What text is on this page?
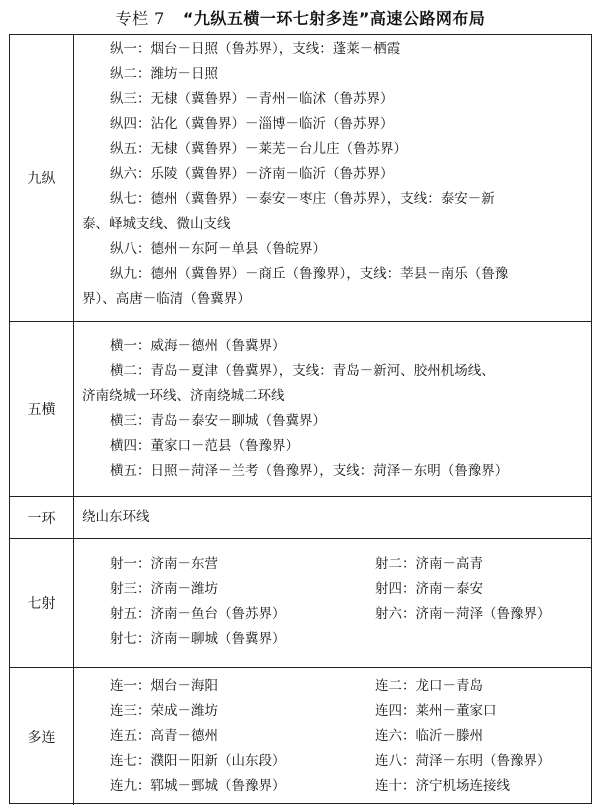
专栏 7 “九纵五横一环七射多连”高速公路网布局
九纵
纵一：烟台－日照（鲁苏界），支线：蓬莱－栖霞
纵二：潍坊－日照
纵三：无棣（冀鲁界）－青州－临沭（鲁苏界）
纵四：沾化（冀鲁界）－淄博－临沂（鲁苏界）
纵五：无棣（冀鲁界）－莱芜－台儿庄（鲁苏界）
纵六：乐陵（冀鲁界）－济南－临沂（鲁苏界）
纵七：德州（冀鲁界）－泰安－枣庄（鲁苏界），支线：泰安－新
泰、峄城支线、微山支线
纵八：德州－东阿－单县（鲁皖界）
纵九：德州（冀鲁界）－商丘（鲁豫界），支线：莘县－南乐（鲁豫
界）、高唐－临清（鲁冀界）
五横
横一：威海－德州（鲁冀界）
横二：青岛－夏津（鲁冀界），支线：青岛－新河、胶州机场线、
济南绕城一环线、济南绕城二环线
横三：青岛－泰安－聊城（鲁冀界）
横四：董家口－范县（鲁豫界）
横五：日照－菏泽－兰考（鲁豫界），支线：菏泽－东明（鲁豫界）
一环	绕山东环线
七射
射一：济南－东营
射三：济南－潍坊
射五：济南－鱼台（鲁苏界）
射七：济南－聊城（鲁冀界）
射二：济南－高青
射四：济南－泰安
射六：济南－菏泽（鲁豫界）
多连
连一：烟台－海阳
连三：荣成－潍坊
连五：高青－德州
连七：濮阳－阳新（山东段）
连九：郓城－鄄城（鲁豫界）
连二：龙口－青岛
连四：莱州－董家口
连六：临沂－滕州
连八：菏泽－东明（鲁豫界）
连十：济宁机场连接线
